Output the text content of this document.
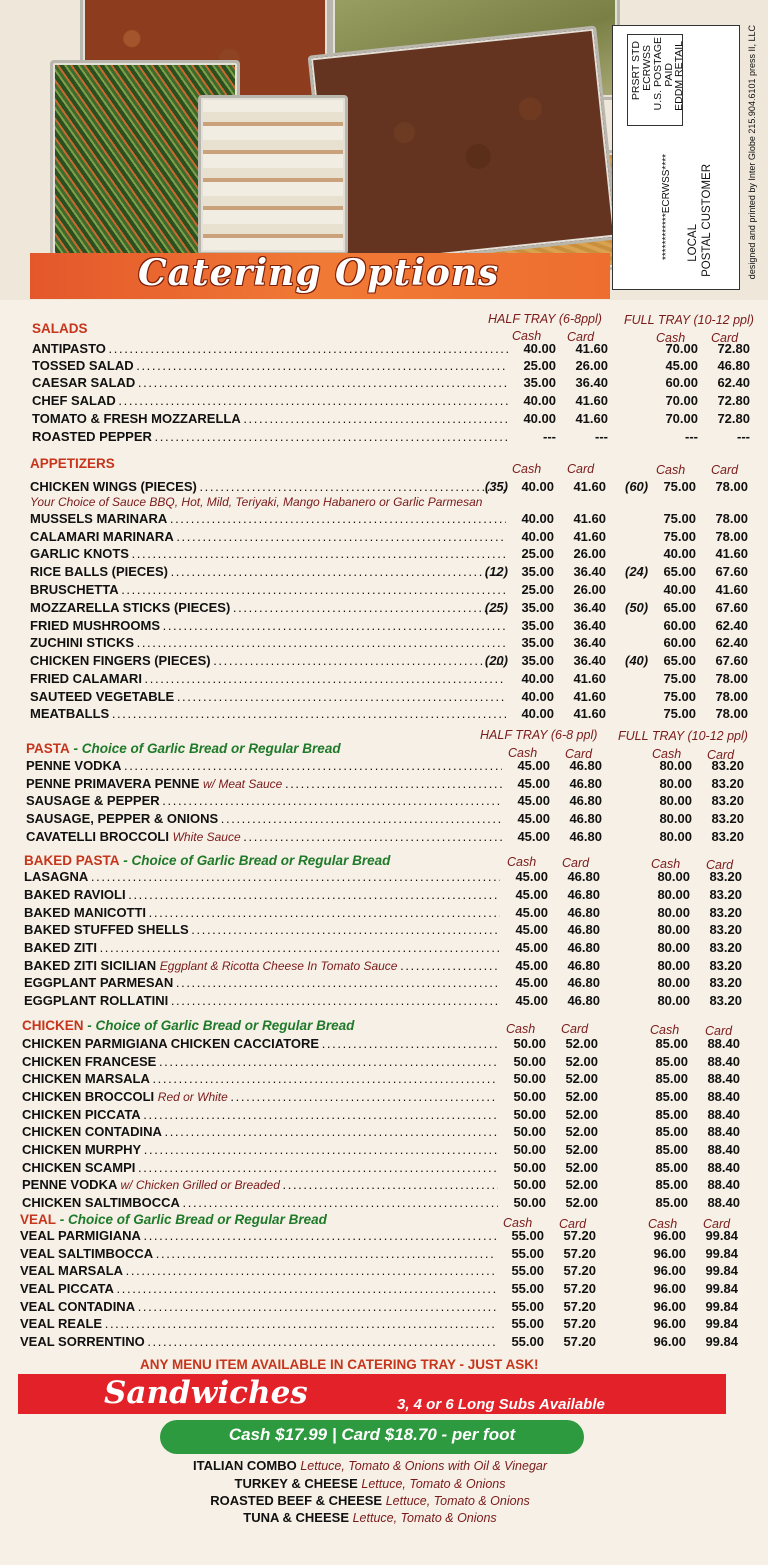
Catering Options
PRSRT STD ECRWSS U.S. POSTAGE PAID
EDDM RETAIL
************ECRWSS**** LOCAL POSTAL CUSTOMER	designed and printed by Inter Globe 215.904.6101 press II, LLC
HALF TRAY (6-8ppl) FULL TRAY (10-12 ppl)
Cash Card	Cash Card
SALADS
APPETIZERS	Cash Card	Cash Card
Your Choice of Sauce BBQ, Hot, Mild, Teriyaki, Mango Habanero or Garlic Parmesan
HALF TRAY (6-8 ppl) FULL TRAY (10-12 ppl)
PASTA - Choice of Garlic Bread or Regular Bread	Cash Card	Cash Card
BAKED PASTA - Choice of Garlic Bread or Regular Bread	Cash Card	Cash Card
CHICKEN - Choice of Garlic Bread or Regular Bread	Cash Card	Cash Card
VEAL - Choice of Garlic Bread or Regular Bread	Cash Card	Cash Card
ANTIPASTO . . .	40.00	41.60	70.00	72.80
TOSSED SALAD . . .	25.00	26.00	45.00	46.80
CAESAR SALAD . . .	35.00	36.40	60.00	62.40
CHEF SALAD . . .	40.00	41.60	70.00	72.80
TOMATO & FRESH MOZZARELLA . . .	40.00	41.60	70.00	72.80
ROASTED PEPPER . . .	---	---	---	---
CHICKEN WINGS (PIECES) . . .	(35)	40.00	41.60 (60)	75.00	78.00
MUSSELS MARINARA . . .	40.00	41.60	75.00	78.00
CALAMARI MARINARA . . .	40.00	41.60	75.00	78.00
GARLIC KNOTS . . .	25.00	26.00	40.00	41.60
RICE BALLS (PIECES) . . .	(12)	35.00	36.40 (24)	65.00	67.60
BRUSCHETTA . . .	25.00	26.00	40.00	41.60
MOZZARELLA STICKS (PIECES) . . .	(25)	35.00	36.40 (50)	65.00	67.60
FRIED MUSHROOMS . . .	35.00	36.40	60.00	62.40
ZUCHINI STICKS . . .	35.00	36.40	60.00	62.40
CHICKEN FINGERS (PIECES) . . .	(20)	35.00	36.40 (40)	65.00	67.60
FRIED CALAMARI . . .	40.00	41.60	75.00	78.00
SAUTEED VEGETABLE . . .	40.00	41.60	75.00	78.00
MEATBALLS . . .	40.00	41.60	75.00	78.00
PENNE VODKA . . .	45.00	46.80	80.00	83.20
PENNE PRIMAVERA PENNE w/ Meat Sauce . . .	45.00	46.80	80.00	83.20
SAUSAGE & PEPPER . . .	45.00	46.80	80.00	83.20
SAUSAGE, PEPPER & ONIONS . . .	45.00	46.80	80.00	83.20
CAVATELLI BROCCOLI White Sauce . . .	45.00	46.80	80.00	83.20
LASAGNA . . .	45.00	46.80	80.00	83.20
BAKED RAVIOLI . . .	45.00	46.80	80.00	83.20
BAKED MANICOTTI . . .	45.00	46.80	80.00	83.20
BAKED STUFFED SHELLS . . .	45.00	46.80	80.00	83.20
BAKED ZITI . . .	45.00	46.80	80.00	83.20
BAKED ZITI SICILIAN Eggplant & Ricotta Cheese In Tomato Sauce . . .	45.00	46.80	80.00	83.20
EGGPLANT PARMESAN . . .	45.00	46.80	80.00	83.20
EGGPLANT ROLLATINI . . .	45.00	46.80	80.00	83.20
CHICKEN PARMIGIANA CHICKEN CACCIATORE . . .	50.00	52.00	85.00	88.40
CHICKEN FRANCESE . . .	50.00	52.00	85.00	88.40
CHICKEN MARSALA . . .	50.00	52.00	85.00	88.40
CHICKEN BROCCOLI Red or White . . .	50.00	52.00	85.00	88.40
CHICKEN PICCATA . . .	50.00	52.00	85.00	88.40
CHICKEN CONTADINA . . .	50.00	52.00	85.00	88.40
CHICKEN MURPHY . . .	50.00	52.00	85.00	88.40
CHICKEN SCAMPI . . .	50.00	52.00	85.00	88.40
PENNE VODKA w/ Chicken Grilled or Breaded . . .	50.00	52.00	85.00	88.40
CHICKEN SALTIMBOCCA . . .	50.00	52.00	85.00	88.40
VEAL PARMIGIANA . . .	55.00	57.20	96.00	99.84
VEAL SALTIMBOCCA . . .	55.00	57.20	96.00	99.84
VEAL MARSALA . . .	55.00	57.20	96.00	99.84
VEAL PICCATA . . .	55.00	57.20	96.00	99.84
VEAL CONTADINA . . .	55.00	57.20	96.00	99.84
VEAL REALE . . .	55.00	57.20	96.00	99.84
VEAL SORRENTINO . . .	55.00	57.20	96.00	99.84
ANY MENU ITEM AVAILABLE IN CATERING TRAY - JUST ASK!
Sandwiches	3, 4 or 6 Long Subs Available
Cash $17.99 | Card $18.70 - per foot
ITALIAN COMBO Lettuce, Tomato & Onions with Oil & Vinegar
TURKEY & CHEESE Lettuce, Tomato & Onions
ROASTED BEEF & CHEESE Lettuce, Tomato & Onions
TUNA & CHEESE Lettuce, Tomato & Onions
